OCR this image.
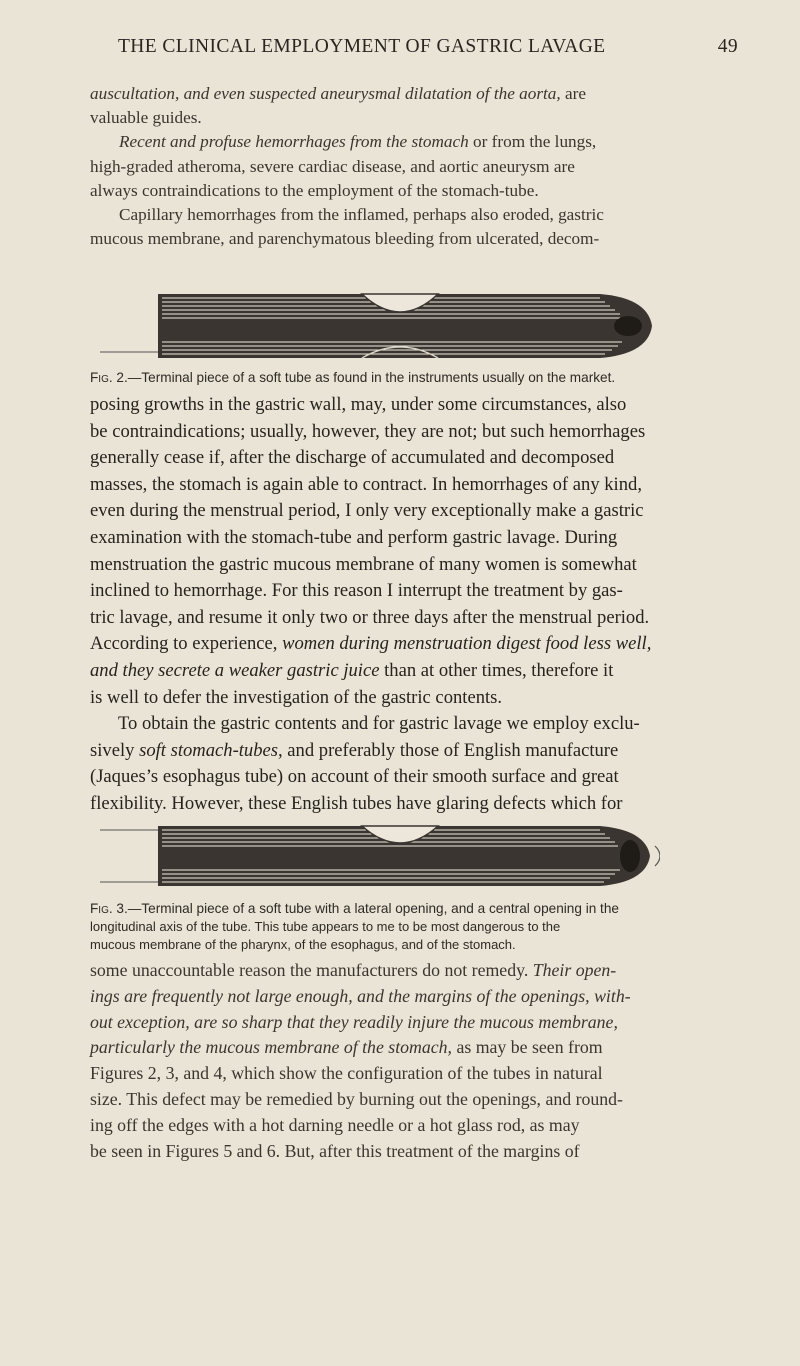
THE CLINICAL EMPLOYMENT OF GASTRIC LAVAGE	49

auscultation, and even suspected aneurysmal dilatation of the aorta, are
valuable guides.
Recent and profuse hemorrhages from the stomach or from the lungs,
high-graded atheroma, severe cardiac disease, and aortic aneurysm are
always contraindications to the employment of the stomach-tube.
Capillary hemorrhages from the inflamed, perhaps also eroded, gastric
mucous membrane, and parenchymatous bleeding from ulcerated, decom-

Fig. 2.—Terminal piece of a soft tube as found in the instruments usually on the market.

posing growths in the gastric wall, may, under some circumstances, also
be contraindications; usually, however, they are not; but such hemorrhages
generally cease if, after the discharge of accumulated and decomposed
masses, the stomach is again able to contract. In hemorrhages of any kind,
even during the menstrual period, I only very exceptionally make a gastric
examination with the stomach-tube and perform gastric lavage. During
menstruation the gastric mucous membrane of many women is somewhat
inclined to hemorrhage. For this reason I interrupt the treatment by gas-
tric lavage, and resume it only two or three days after the menstrual period.
According to experience, women during menstruation digest food less well,
and they secrete a weaker gastric juice than at other times, therefore it
is well to defer the investigation of the gastric contents.
To obtain the gastric contents and for gastric lavage we employ exclu-
sively soft stomach-tubes, and preferably those of English manufacture
(Jaques’s esophagus tube) on account of their smooth surface and great
flexibility. However, these English tubes have glaring defects which for

Fig. 3.—Terminal piece of a soft tube with a lateral opening, and a central opening in the
longitudinal axis of the tube. This tube appears to me to be most dangerous to the
mucous membrane of the pharynx, of the esophagus, and of the stomach.

some unaccountable reason the manufacturers do not remedy. Their open-
ings are frequently not large enough, and the margins of the openings, with-
out exception, are so sharp that they readily injure the mucous membrane,
particularly the mucous membrane of the stomach, as may be seen from
Figures 2, 3, and 4, which show the configuration of the tubes in natural
size. This defect may be remedied by burning out the openings, and round-
ing off the edges with a hot darning needle or a hot glass rod, as may
be seen in Figures 5 and 6. But, after this treatment of the margins of
